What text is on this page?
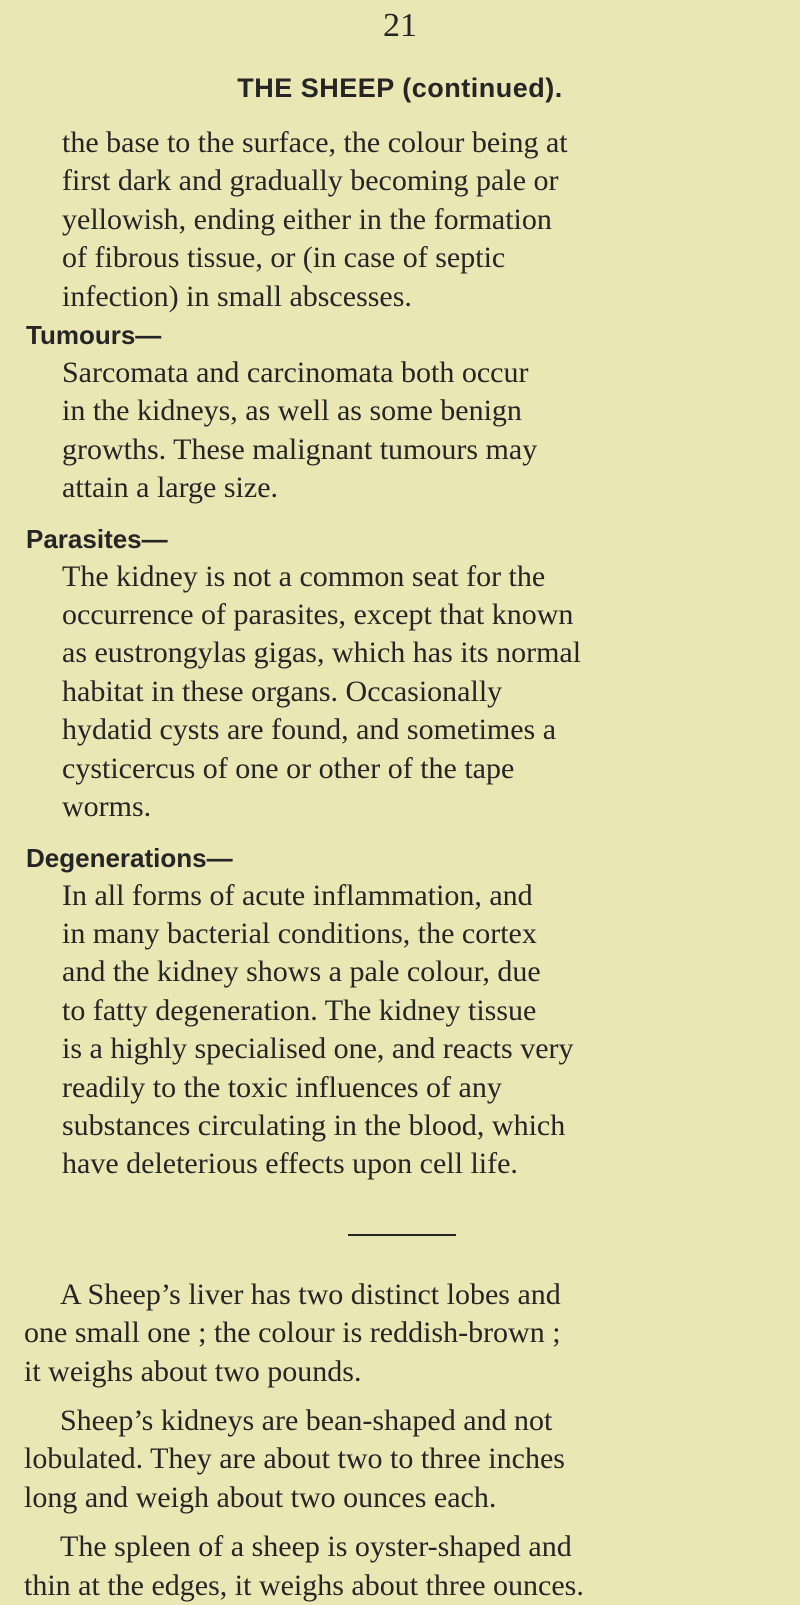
21
THE SHEEP (continued).

the base to the surface, the colour being at
first dark and gradually becoming pale or
yellowish, ending either in the formation
of fibrous tissue, or (in case of septic
infection) in small abscesses.

Tumours—

Sarcomata and carcinomata both occur
in the kidneys, as well as some benign
growths. These malignant tumours may
attain a large size.

Parasites—

The kidney is not a common seat for the
occurrence of parasites, except that known
as eustrongylas gigas, which has its normal
habitat in these organs. Occasionally
hydatid cysts are found, and sometimes a
cysticercus of one or other of the tape
worms.

Degenerations—

In all forms of acute inflammation, and
in many bacterial conditions, the cortex
and the kidney shows a pale colour, due
to fatty degeneration. The kidney tissue
is a highly specialised one, and reacts very
readily to the toxic influences of any
substances circulating in the blood, which
have deleterious effects upon cell life.

A Sheep’s liver has two distinct lobes and
one small one ; the colour is reddish-brown ;
it weighs about two pounds.

Sheep’s kidneys are bean-shaped and not
lobulated. They are about two to three inches
long and weigh about two ounces each.

The spleen of a sheep is oyster-shaped and
thin at the edges, it weighs about three ounces.
